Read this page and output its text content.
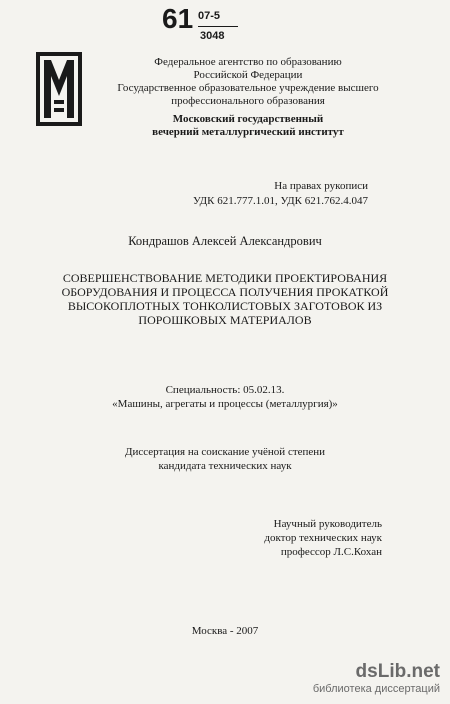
61 07-5
3048
Федеральное агентство по образованию
Российской Федерации
Государственное образовательное учреждение высшего
профессионального образования
Московский государственный
вечерний металлургический институт
На правах рукописи
УДК 621.777.1.01, УДК 621.762.4.047
Кондрашов Алексей Александрович
СОВЕРШЕНСТВОВАНИЕ МЕТОДИКИ ПРОЕКТИРОВАНИЯ
ОБОРУДОВАНИЯ И ПРОЦЕССА ПОЛУЧЕНИЯ ПРОКАТКОЙ
ВЫСОКОПЛОТНЫХ ТОНКОЛИСТОВЫХ ЗАГОТОВОК ИЗ
ПОРОШКОВЫХ МАТЕРИАЛОВ
Специальность: 05.02.13.
«Машины, агрегаты и процессы (металлургия)»
Диссертация на соискание учёной степени
кандидата технических наук
Научный руководитель
доктор технических наук
профессор Л.С.Кохан
Москва - 2007
dsLib.net
библиотека диссертаций
